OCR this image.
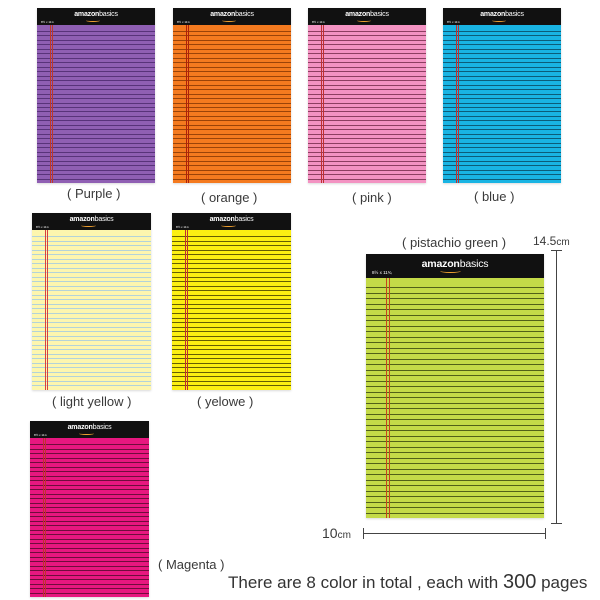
amazonbasics
8½ x 11¾
amazonbasics
8½ x 11¾
amazonbasics
8½ x 11¾
amazonbasics
8½ x 11¾
amazonbasics
8½ x 11¾
amazonbasics
8½ x 11¾
amazonbasics
8½ x 11¾
amazonbasics
8½ x 11¾
( Purple )	( orange )	( pink )	( blue )
( light yellow )	( yelowe )
( pistachio green )
( Magenta )
14.5cm
10cm
There are 8 color in total , each with 300 pages
